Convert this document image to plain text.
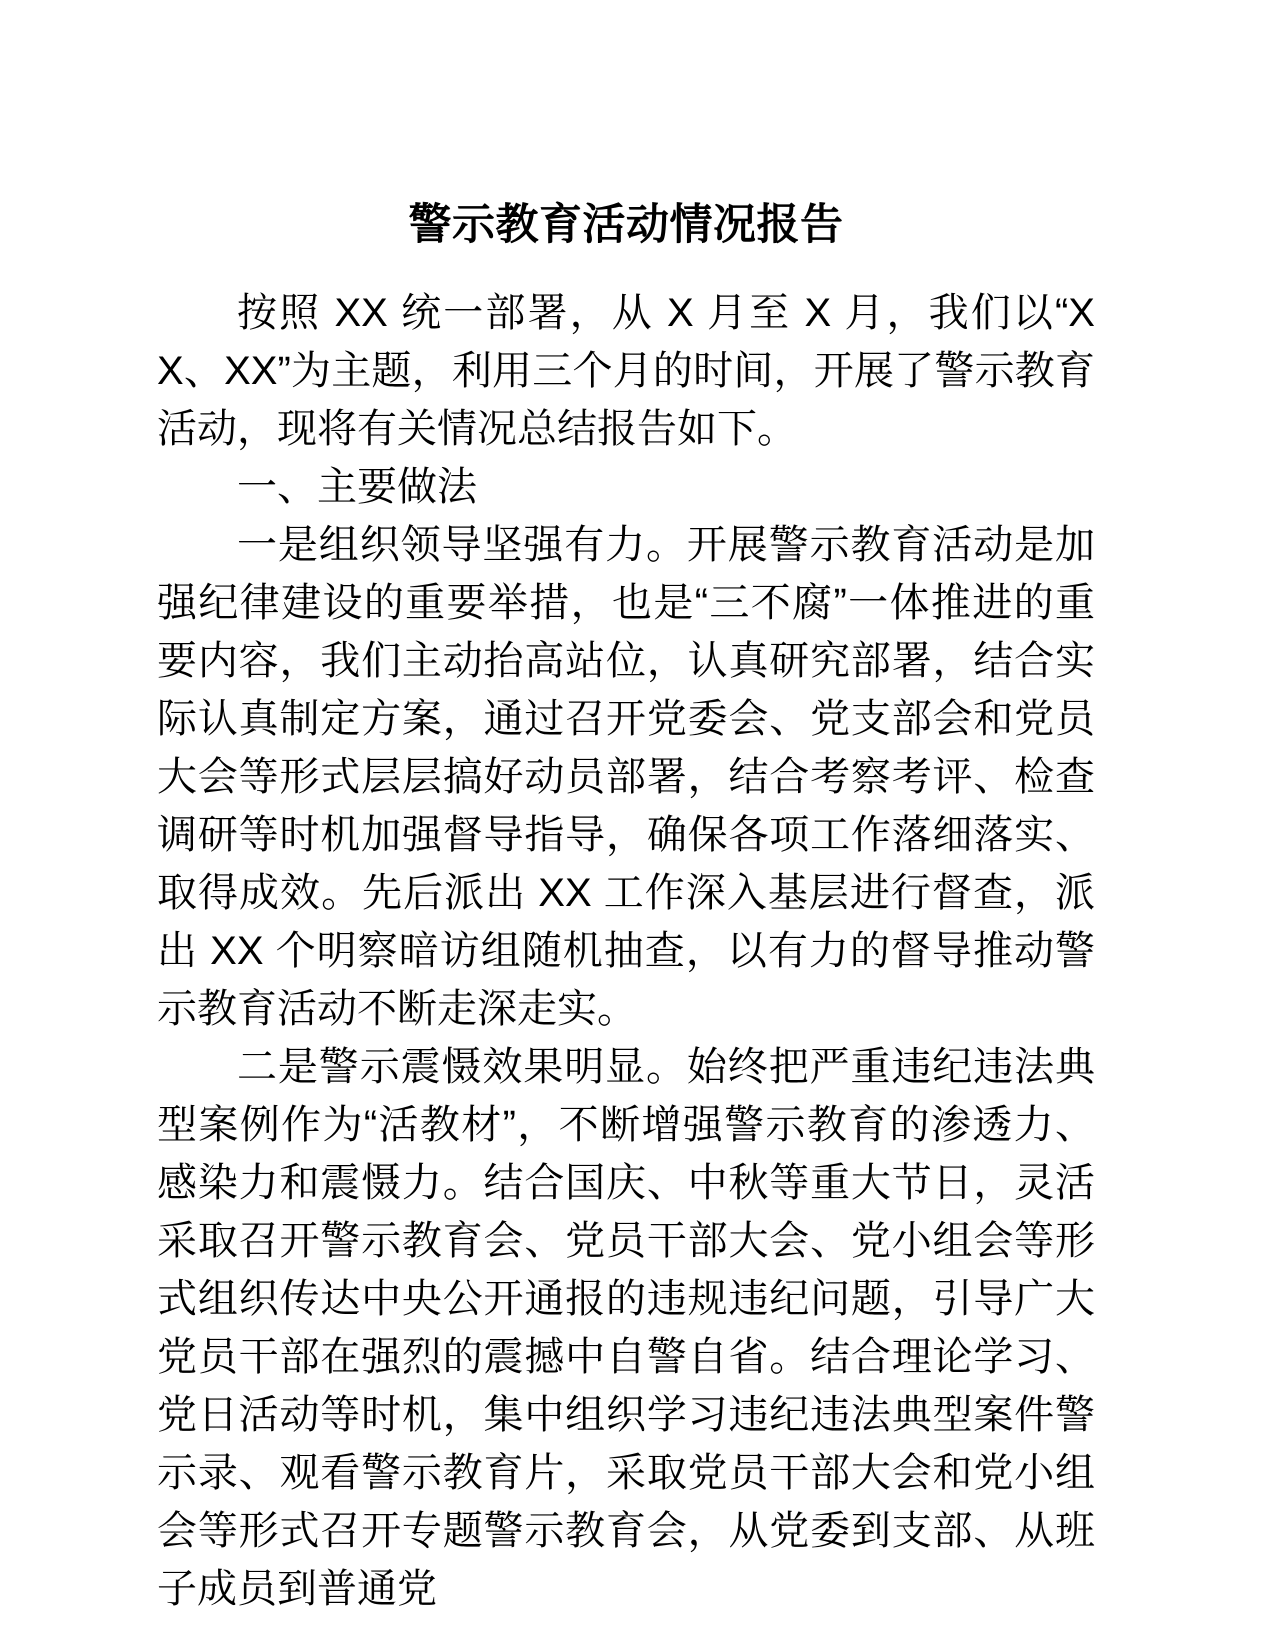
警示教育活动情况报告

按照 XX 统一部署，从 X 月至 X 月，我们以“XX、XX”为主题，利用三个月的时间，开展了警示教育活动，现将有关情况总结报告如下。

一、主要做法

一是组织领导坚强有力。开展警示教育活动是加强纪律建设的重要举措，也是“三不腐”一体推进的重要内容，我们主动抬高站位，认真研究部署，结合实际认真制定方案，通过召开党委会、党支部会和党员大会等形式层层搞好动员部署，结合考察考评、检查调研等时机加强督导指导，确保各项工作落细落实、取得成效。先后派出 XX 工作深入基层进行督查，派出 XX 个明察暗访组随机抽查，以有力的督导推动警示教育活动不断走深走实。

二是警示震慑效果明显。始终把严重违纪违法典型案例作为“活教材”，不断增强警示教育的渗透力、感染力和震慑力。结合国庆、中秋等重大节日，灵活采取召开警示教育会、党员干部大会、党小组会等形式组织传达中央公开通报的违规违纪问题，引导广大党员干部在强烈的震撼中自警自省。结合理论学习、党日活动等时机，集中组织学习违纪违法典型案件警示录、观看警示教育片，采取党员干部大会和党小组会等形式召开专题警示教育会，从党委到支部、从班子成员到普通党
